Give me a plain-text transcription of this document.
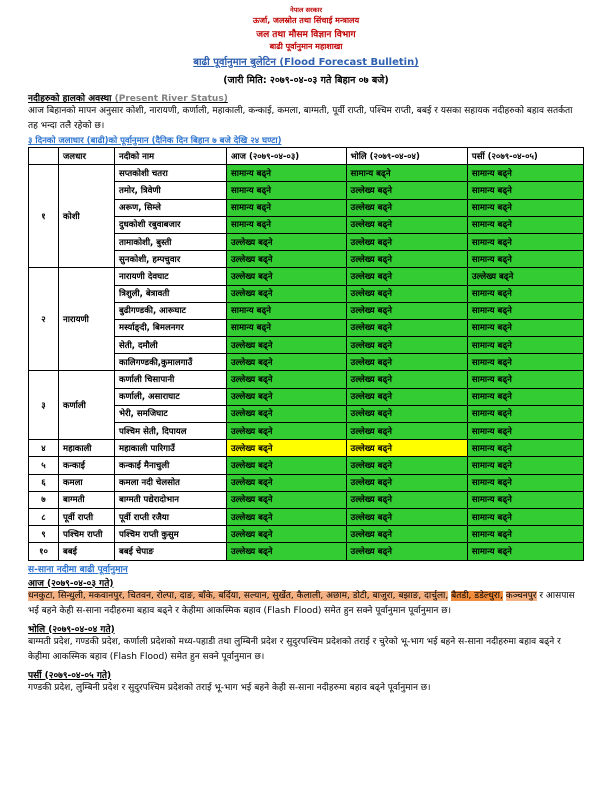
नेपाल सरकार
ऊर्जा, जलस्रोत तथा सिंचाई मन्त्रालय
जल तथा मौसम विज्ञान विभाग
बाढी पूर्वानुमान महाशाखा
बाढी पूर्वानुमान बुलेटिन (Flood Forecast Bulletin)
(जारी मिति: २०७९-०४-०३ गते बिहान ०७ बजे)
नदीहरुको हालको अवस्था (Present River Status)
आज बिहानको मापन अनुसार कोशी, नारायणी, कर्णाली, महाकाली, कन्काई, कमला, बाग्मती, पूर्वी राप्ती, पश्चिम राप्ती, बबई र यसका सहायक नदीहरुको बहाव सतर्कता तह भन्दा तलै रहेको छ।
३ दिनको जलाधार (बाढी)को पूर्वानुमान (दैनिक दिन बिहान ७ बजे देखि २४ घण्टा)
	जलधार	नदीको नाम	आज (२०७९-०४-०३)	भोलि (२०७९-०४-०४)	पर्सी (२०७९-०४-०५)
१	कोशी	सप्तकोशी चतरा	सामान्य बढ्ने	सामान्य बढ्ने	सामान्य बढ्ने
		तमोर, त्रिवेणी	सामान्य बढ्ने	उल्लेख्य बढ्ने	सामान्य बढ्ने
		अरूण, सिम्ले	सामान्य बढ्ने	उल्लेख्य बढ्ने	सामान्य बढ्ने
		दुधकोशी रबुवाबजार	सामान्य बढ्ने	उल्लेख्य बढ्ने	सामान्य बढ्ने
		तामाकोशी, बुस्ती	उल्लेख्य बढ्ने	उल्लेख्य बढ्ने	सामान्य बढ्ने
		सुनकोशी, हम्पचुवार	उल्लेख्य बढ्ने	उल्लेख्य बढ्ने	सामान्य बढ्ने
२	नारायणी	नारायणी देवघाट	उल्लेख्य बढ्ने	उल्लेख्य बढ्ने	उल्लेख्य बढ्ने
		त्रिशुली, बेत्रावती	उल्लेख्य बढ्ने	उल्लेख्य बढ्ने	सामान्य बढ्ने
		बुढीगण्डकी, आरूघाट	सामान्य बढ्ने	उल्लेख्य बढ्ने	सामान्य बढ्ने
		मर्स्याङ्दी, बिमलनगर	सामान्य बढ्ने	उल्लेख्य बढ्ने	सामान्य बढ्ने
		सेती, दमौली	उल्लेख्य बढ्ने	उल्लेख्य बढ्ने	सामान्य बढ्ने
		कालिगण्डकी,कुमालगाउँ	उल्लेख्य बढ्ने	उल्लेख्य बढ्ने	सामान्य बढ्ने
३	कर्णाली	कर्णाली चिसापानी	उल्लेख्य बढ्ने	उल्लेख्य बढ्ने	सामान्य बढ्ने
		कर्णाली, असाराघाट	उल्लेख्य बढ्ने	उल्लेख्य बढ्ने	सामान्य बढ्ने
		भेरी, समजिघाट	उल्लेख्य बढ्ने	उल्लेख्य बढ्ने	सामान्य बढ्ने
		पश्चिम सेती, दिपायल	उल्लेख्य बढ्ने	उल्लेख्य बढ्ने	सामान्य बढ्ने
४	महाकाली	महाकाली पारिगाउँ	उल्लेख्य बढ्ने	उल्लेख्य बढ्ने	सामान्य बढ्ने
५	कन्काई	कन्काई मैनाचुली	उल्लेख्य बढ्ने	उल्लेख्य बढ्ने	सामान्य बढ्ने
६	कमला	कमला नदी चेलसोत	उल्लेख्य बढ्ने	उल्लेख्य बढ्ने	सामान्य बढ्ने
७	बाग्मती	बाग्मती पद्येरादोभान	उल्लेख्य बढ्ने	उल्लेख्य बढ्ने	सामान्य बढ्ने
८	पूर्वी राप्ती	पूर्वी राप्ती रजैया	उल्लेख्य बढ्ने	उल्लेख्य बढ्ने	सामान्य बढ्ने
९	पश्चिम राप्ती	पश्चिम राप्ती कुसुम	उल्लेख्य बढ्ने	उल्लेख्य बढ्ने	सामान्य बढ्ने
१०	बबई	बबई चेपाङ	उल्लेख्य बढ्ने	उल्लेख्य बढ्ने	सामान्य बढ्ने
स-साना नदीमा बाढी पूर्वानुमान
आज (२०७९-०४-०३ गते)
धनकुटा, सिन्धुली, मकवानपुर, चितवन, रोल्पा, दाङ, बाँके, बर्दिया, सल्यान, सुर्खेत, कैलाली, अछाम, डोटी, बाजुरा, बझाङ, दार्चुला, बैतडी, डडेल्धुरा, कञ्चनपुर र आसपास भई बहने केही स-साना नदीहरुमा बहाव बढ्ने र केहीमा आकस्मिक बहाव (Flash Flood) समेत हुन सक्ने पूर्वानुमान पूर्वानुमान छ।
भोलि (२०७९-०४-०४ गते)
बाग्मती प्रदेश, गण्डकी प्रदेश, कर्णाली प्रदेशको मध्य-पहाडी तथा लुम्बिनी प्रदेश र सुदुरपश्चिम प्रदेशको तराई र चुरेको भू-भाग भई बहने स-साना नदीहरुमा बहाव बढ्ने र केहीमा आकस्मिक बहाव (Flash Flood) समेत हुन सक्ने पूर्वानुमान छ।
पर्सी (२०७९-०४-०५ गते)
गण्डकी प्रदेश, लुम्बिनी प्रदेश र सुदुरपश्चिम प्रदेशको तराई भू-भाग भई बहने केही स-साना नदीहरुमा बहाव बढ्ने पूर्वानुमान छ।
